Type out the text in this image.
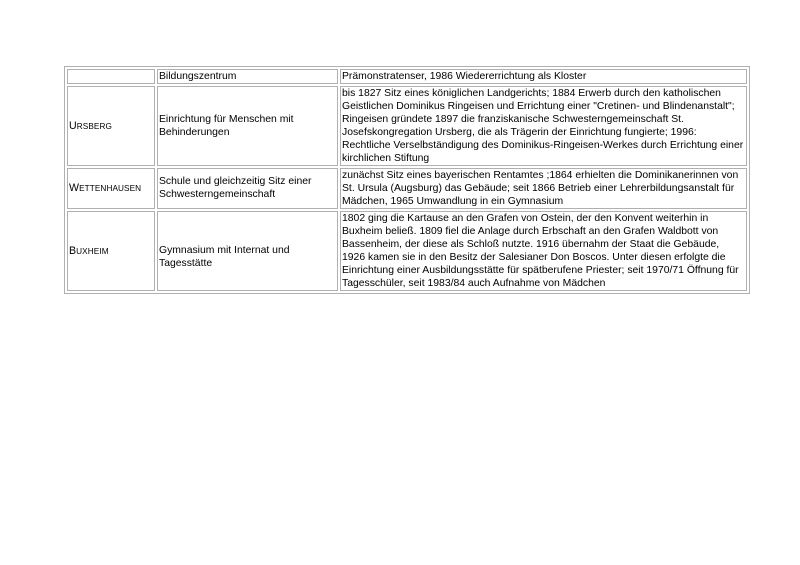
	Bildungszentrum	Prämonstratenser, 1986 Wiedererrichtung als Kloster
URSBERG	Einrichtung für Menschen mit Behinderungen	bis 1827 Sitz eines königlichen Landgerichts; 1884 Erwerb durch den katholischen Geistlichen Dominikus Ringeisen und Errichtung einer "Cretinen- und Blindenanstalt"; Ringeisen gründete 1897 die franziskanische Schwesterngemeinschaft St. Josefskongregation Ursberg, die als Trägerin der Einrichtung fungierte; 1996: Rechtliche Verselbständigung des Dominikus-Ringeisen-Werkes durch Errichtung einer kirchlichen Stiftung
WETTENHAUSEN	Schule und gleichzeitig Sitz einer Schwesterngemeinschaft	zunächst Sitz eines bayerischen Rentamtes ;1864 erhielten die Dominikanerinnen von St. Ursula (Augsburg) das Gebäude; seit 1866 Betrieb einer Lehrerbildungsanstalt für Mädchen, 1965 Umwandlung in ein Gymnasium
BUXHEIM	Gymnasium mit Internat und Tagesstätte	1802 ging die Kartause an den Grafen von Ostein, der den Konvent weiterhin in Buxheim beließ. 1809 fiel die Anlage durch Erbschaft an den Grafen Waldbott von Bassenheim, der diese als Schloß nutzte. 1916 übernahm der Staat die Gebäude, 1926 kamen sie in den Besitz der Salesianer Don Boscos. Unter diesen erfolgte die Einrichtung einer Ausbildungsstätte für spätberufene Priester; seit 1970/71 Öffnung für Tagesschüler, seit 1983/84 auch Aufnahme von Mädchen
